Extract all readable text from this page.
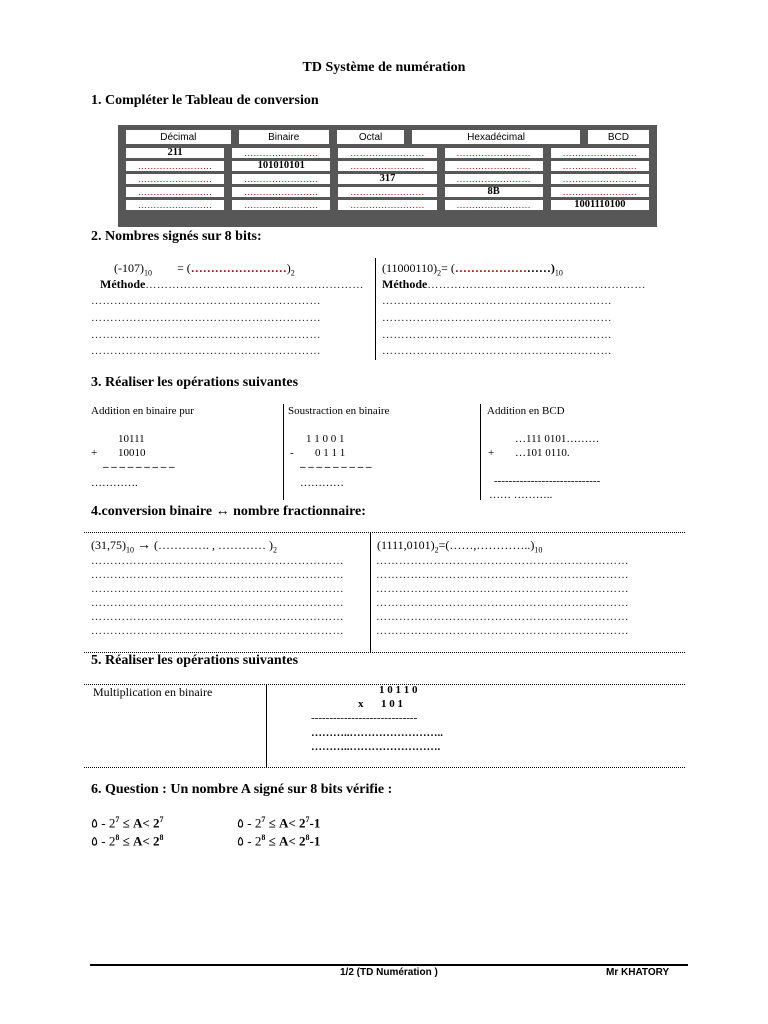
TD Système de numération
1. Compléter le Tableau de conversion
Décimal	Binaire	Octal	Hexadécimal	BCD

211	……………………	……………………	……………………	……………………
……………………	101010101	……………………	……………………	……………………
……………………	……………………	317	……………………	……………………
……………………	……………………	……………………	8B	……………………
……………………	……………………	……………………	……………………	1001110100
2. Nombres signés sur 8 bits:
$(-107)_{10}$ = $(\dots\dots\dots\dots\dots\dots\dots\dots)_2$	$(11000110)_2=$ $(\dots\dots\dots\dots\dots\dots\dots\dots)_{10}$
Méthode………………………………………………… Méthode…………………………………………………
……………………………………………………	……………………………………………………
……………………………………………………	……………………………………………………
……………………………………………………	……………………………………………………
……………………………………………………	……………………………………………………
3. Réaliser les opérations suivantes
Addition en binaire pur
10111
+ 10010
_ _ _ _ _ _ _ _ _
………….
Soustraction en binaire
1 1 0 0 1
- 0 1 1 1
_ _ _ _ _ _ _ _ _
…………
Addition en BCD
…111 0101………
+ …101 0110.
-----------------------------
…… ………..
4.conversion binaire ↔ nombre fractionnaire:
$(31,75)_{10}$ → (…………. , ………… )$_2$	$(1111,0101)_2=(\dots\dots,\dots\dots\dots\dots..)_{10}$
…………………………………………………………	…………………………………………………………
…………………………………………………………	…………………………………………………………
…………………………………………………………	…………………………………………………………
…………………………………………………………	…………………………………………………………
…………………………………………………………	…………………………………………………………
…………………………………………………………	…………………………………………………………
5. Réaliser les opérations suivantes
Multiplication en binaire	1 0 1 1 0
x 1 0 1
-----------------------------
………..……………………..
………..…………………….
6. Question : Un nombre A signé sur 8 bits vérifie :
٥ - $2^7 \le A< 2^7$	٥ - $2^7 \le A< 2^7-1$
٥ - $2^8 \le A< 2^8$	٥ - $2^8 \le A< 2^8-1$
1/2 (TD Numération )	Mr KHATORY
